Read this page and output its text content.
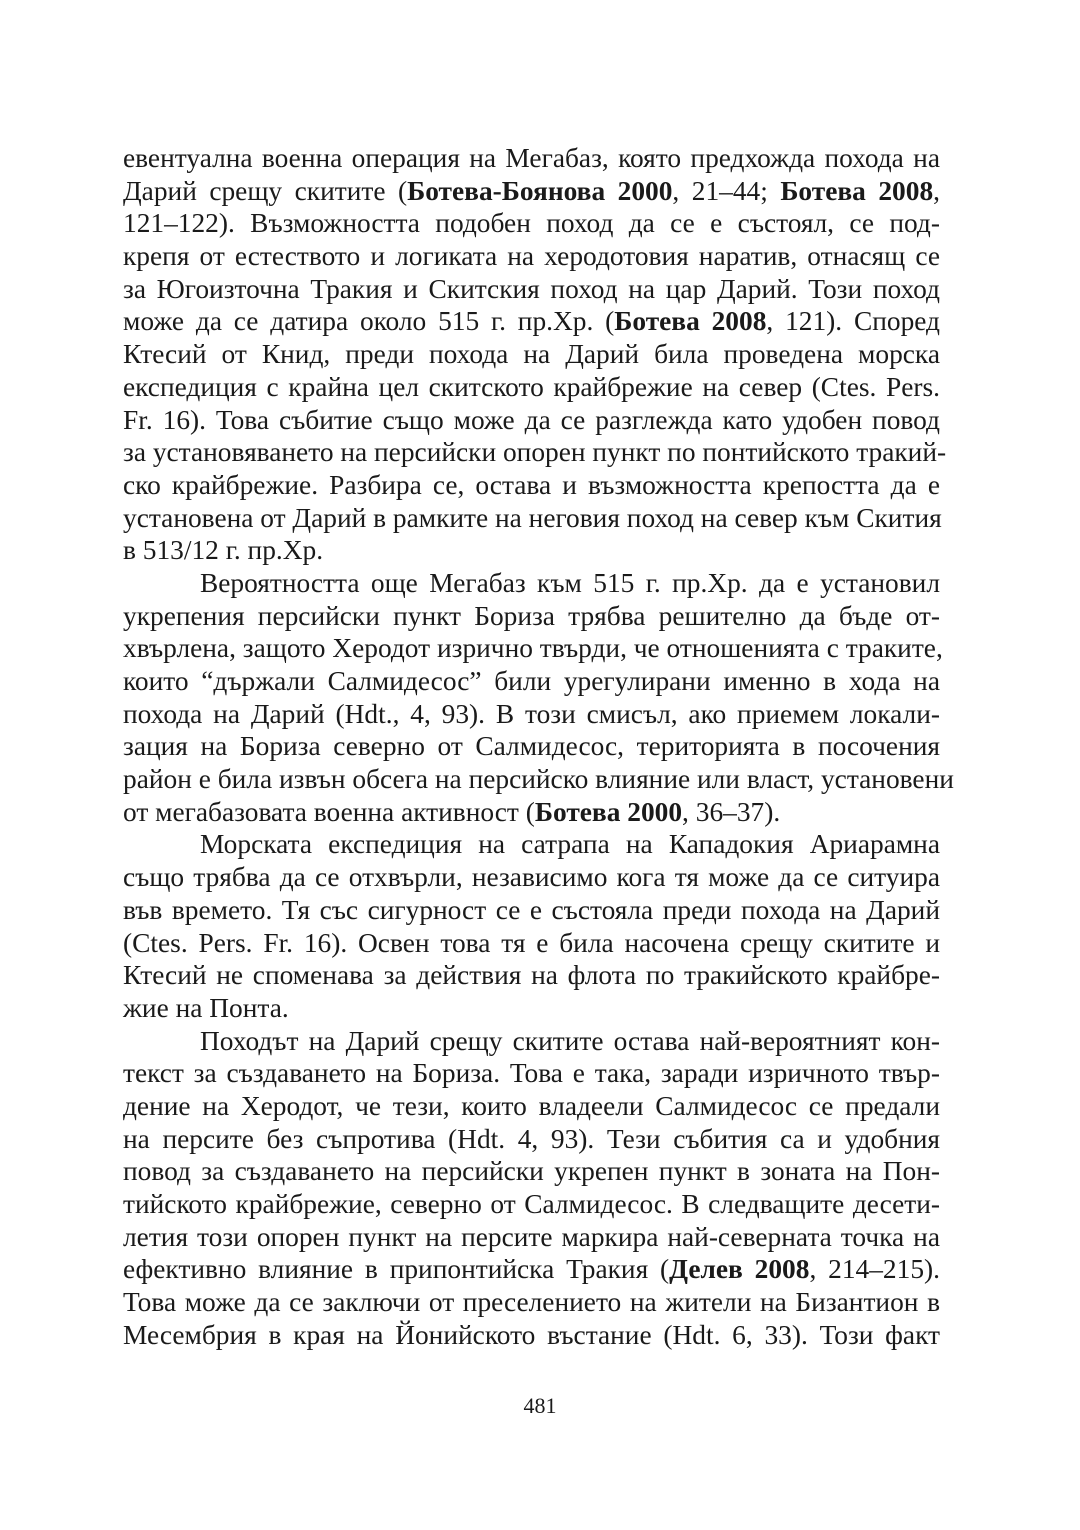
евентуална военна операция на Мегабаз, която предхожда похода на
Дарий срещу скитите (Ботева-Боянова 2000, 21–44; Ботева 2008,
121–122). Възможността подобен поход да се е състоял, се под-
крепя от естеството и логиката на херодотовия наратив, отнасящ се
за Югоизточна Тракия и Скитския поход на цар Дарий. Този поход
може да се датира около 515 г. пр.Хр. (Ботева 2008, 121). Според
Ктесий от Книд, преди похода на Дарий била проведена морска
експедиция с крайна цел скитското крайбрежие на север (Ctes. Pers.
Fr. 16). Това събитие също може да се разглежда като удобен повод
за установяването на персийски опорен пункт по понтийското тракий-
ско крайбрежие. Разбира се, остава и възможността крепостта да е
установена от Дарий в рамките на неговия поход на север към Скития
в 513/12 г. пр.Хр.
Вероятността още Мегабаз към 515 г. пр.Хр. да е установил
укрепения персийски пункт Бориза трябва решително да бъде от-
хвърлена, защото Херодот изрично твърди, че отношенията с траките,
които “държали Салмидесос” били урегулирани именно в хода на
похода на Дарий (Hdt., 4, 93). В този смисъл, ако приемем локали-
зация на Бориза северно от Салмидесос, територията в посочения
район е била извън обсега на персийско влияние или власт, установени
от мегабазовата военна активност (Ботева 2000, 36–37).
Морската експедиция на сатрапа на Кападокия Ариарамна
също трябва да се отхвърли, независимо кога тя може да се ситуира
във времето. Тя със сигурност се е състояла преди похода на Дарий
(Ctes. Pers. Fr. 16). Освен това тя е била насочена срещу скитите и
Ктесий не споменава за действия на флота по тракийското крайбре-
жие на Понта.
Походът на Дарий срещу скитите остава най-вероятният кон-
текст за създаването на Бориза. Това е така, заради изричното твър-
дение на Херодот, че тези, които владеели Салмидесос се предали
на персите без съпротива (Hdt. 4, 93). Тези събития са и удобния
повод за създаването на персийски укрепен пункт в зоната на Пон-
тийското крайбрежие, северно от Салмидесос. В следващите десети-
летия този опорен пункт на персите маркира най-северната точка на
ефективно влияние в припонтийска Тракия (Делев 2008, 214–215).
Това може да се заключи от преселението на жители на Бизантион в
Месембрия в края на Йонийското въстание (Hdt. 6, 33). Този факт
481
